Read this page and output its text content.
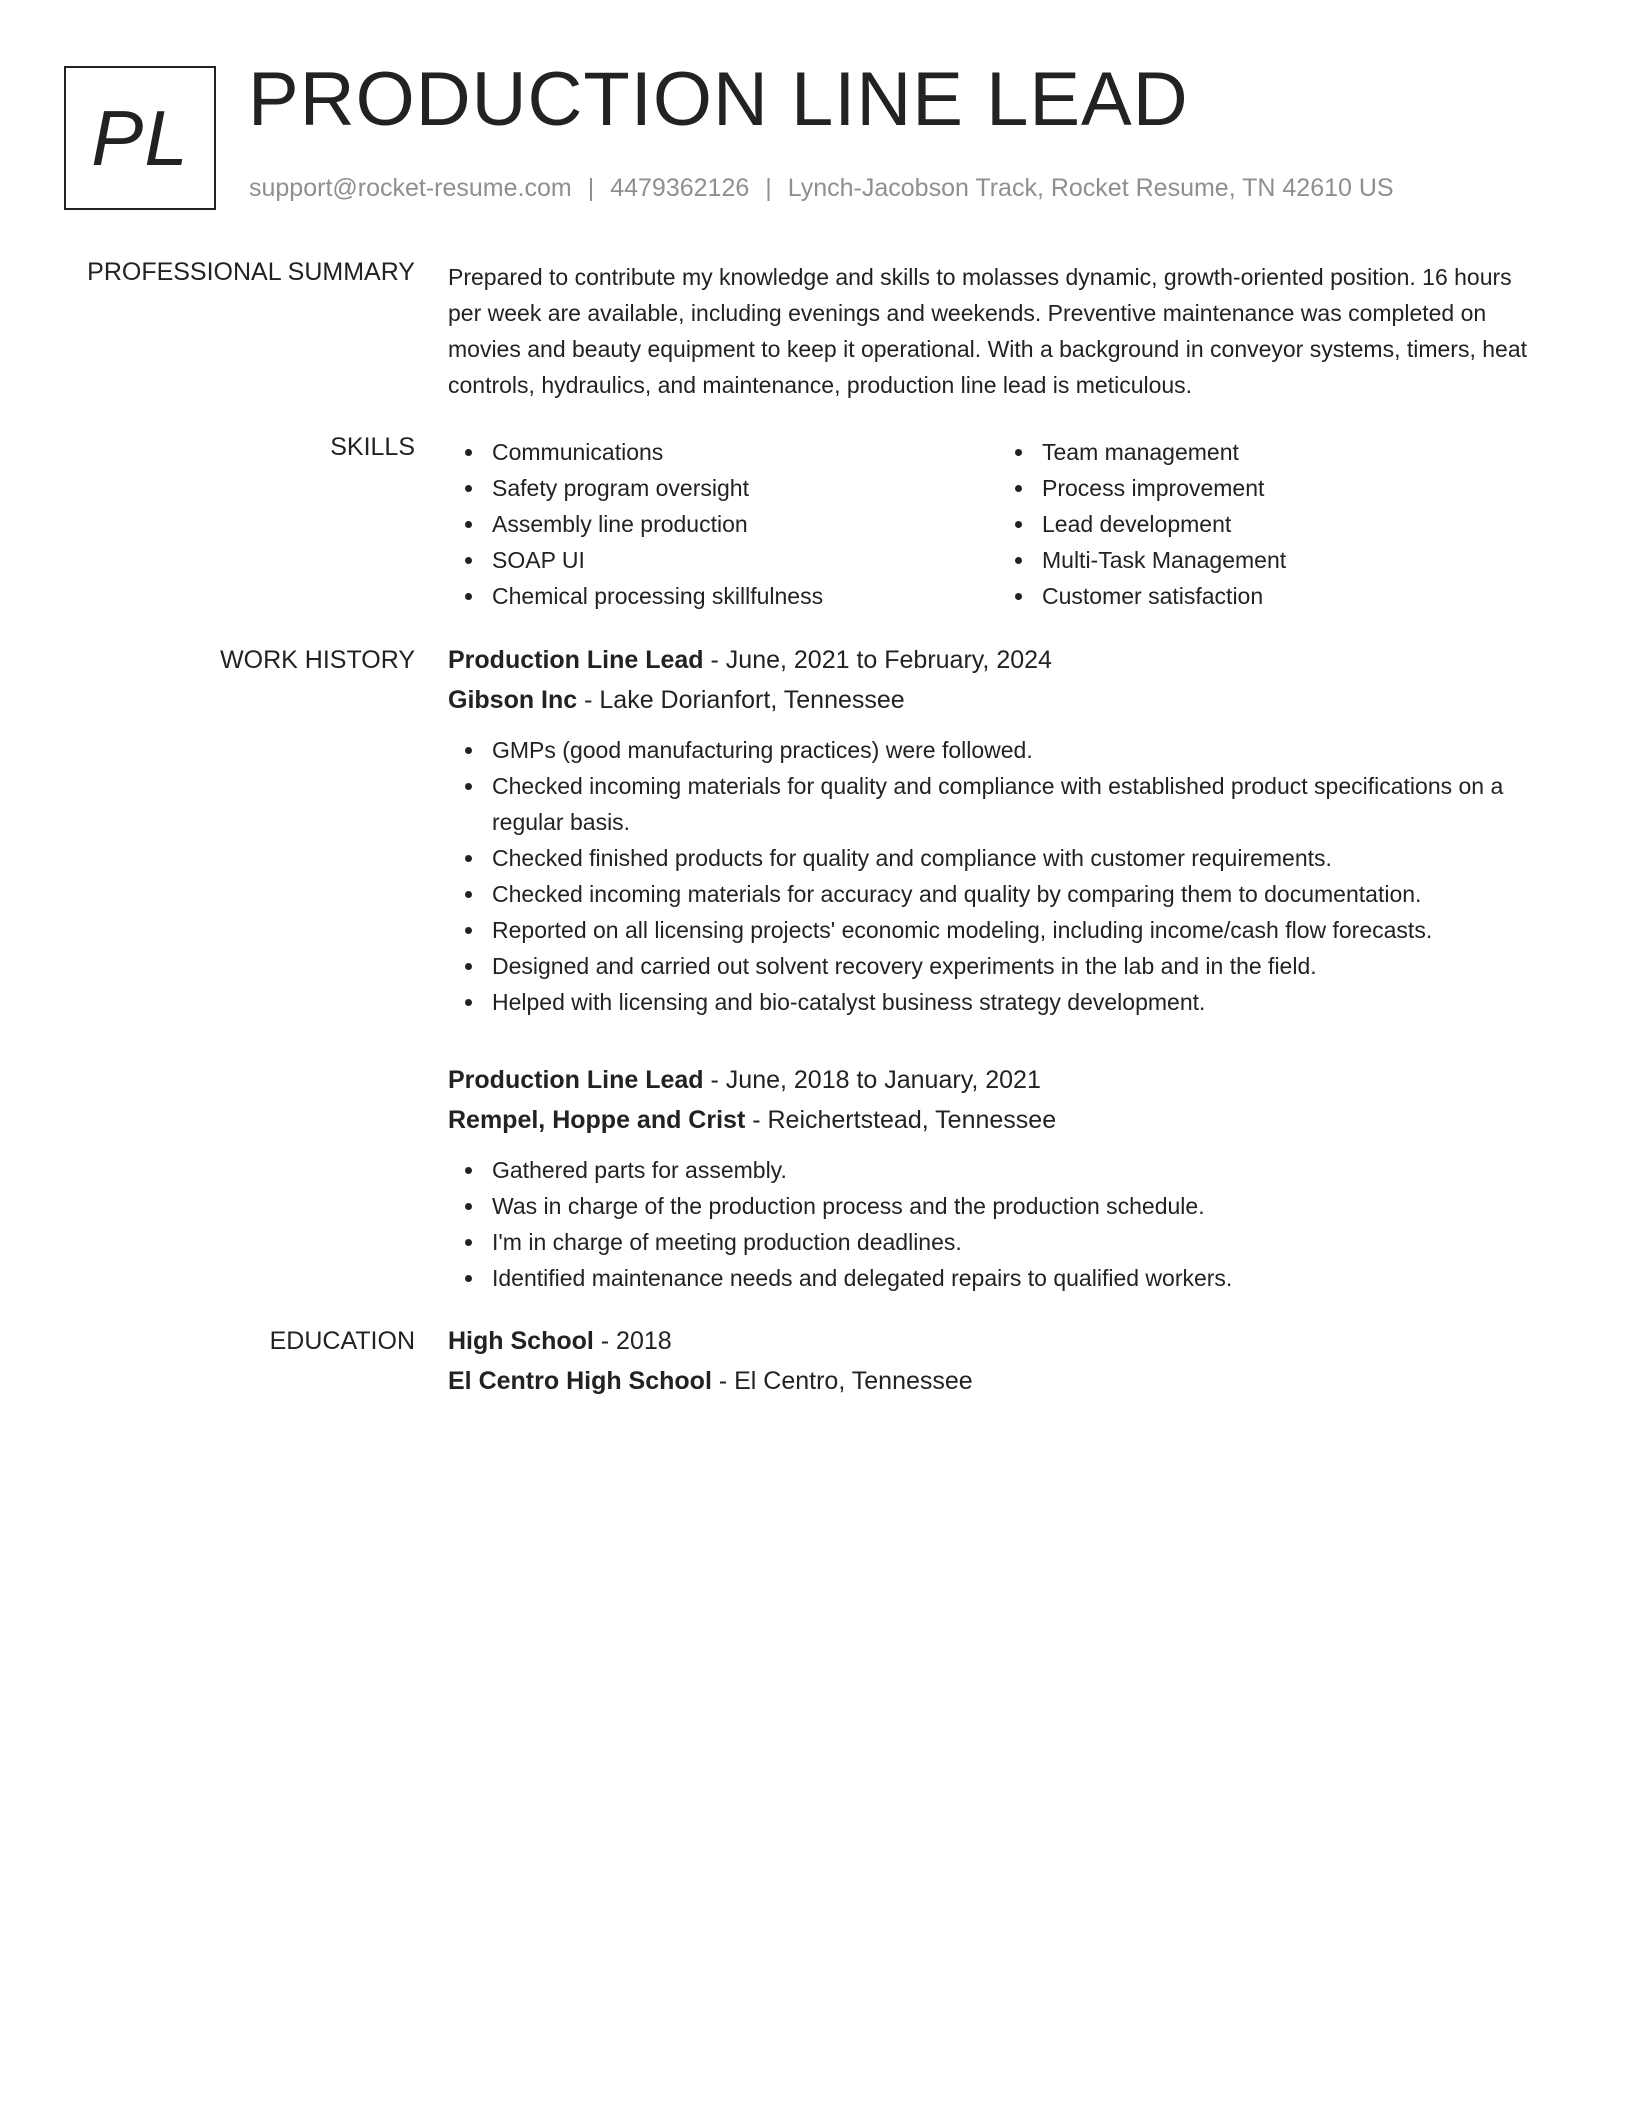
PL PRODUCTION LINE LEAD
support@rocket-resume.com | 4479362126 | Lynch-Jacobson Track, Rocket Resume, TN 42610 US
PROFESSIONAL SUMMARY Prepared to contribute my knowledge and skills to molasses dynamic, growth-oriented position. 16 hours per week are available, including evenings and weekends. Preventive maintenance was completed on movies and beauty equipment to keep it operational. With a background in conveyor systems, timers, heat controls, hydraulics, and maintenance, production line lead is meticulous.

SKILLS	Communications
Safety program oversight
Assembly line production
SOAP UI
Chemical processing skillfulness
Team management
Process improvement
Lead development
Multi-Task Management
Customer satisfaction
WORK HISTORY Production Line Lead - June, 2021 to February, 2024
Gibson Inc - Lake Dorianfort, Tennessee
GMPs (good manufacturing practices) were followed.
Checked incoming materials for quality and compliance with established product specifications on a regular basis.
Checked finished products for quality and compliance with customer requirements.
Checked incoming materials for accuracy and quality by comparing them to documentation.
Reported on all licensing projects' economic modeling, including income/cash flow forecasts.
Designed and carried out solvent recovery experiments in the lab and in the field.
Helped with licensing and bio-catalyst business strategy development.
Production Line Lead - June, 2018 to January, 2021
Rempel, Hoppe and Crist - Reichertstead, Tennessee
Gathered parts for assembly.
Was in charge of the production process and the production schedule.
I'm in charge of meeting production deadlines.
Identified maintenance needs and delegated repairs to qualified workers.
EDUCATION High School - 2018
El Centro High School - El Centro, Tennessee
